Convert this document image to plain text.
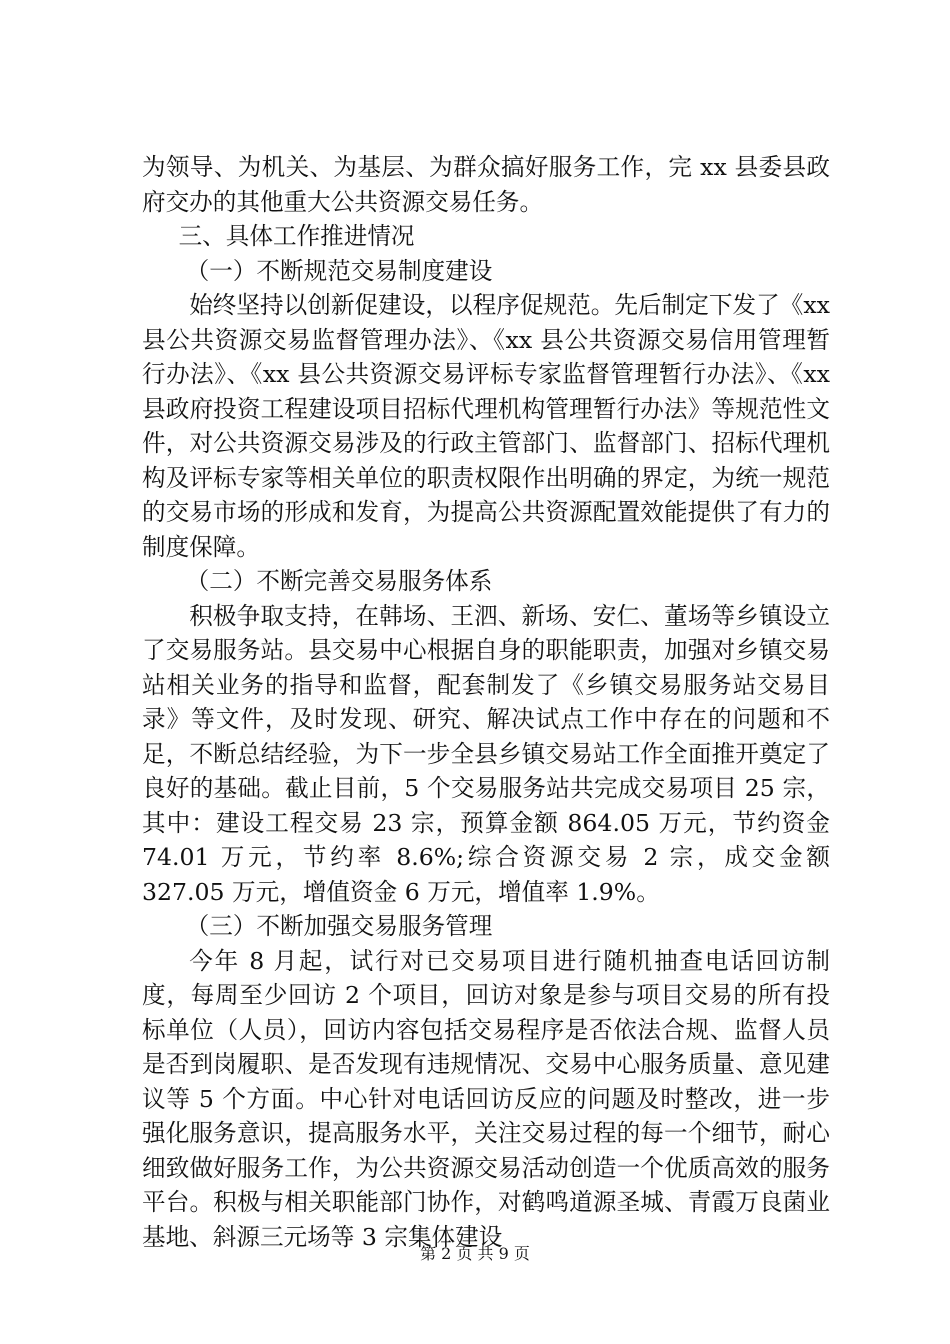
为领导、为机关、为基层、为群众搞好服务工作，完 xx 县委县政府交办的其他重大公共资源交易任务。

三、具体工作推进情况

（一）不断规范交易制度建设

始终坚持以创新促建设，以程序促规范。先后制定下发了《xx 县公共资源交易监督管理办法》、《xx 县公共资源交易信用管理暂行办法》、《xx 县公共资源交易评标专家监督管理暂行办法》、《xx 县政府投资工程建设项目招标代理机构管理暂行办法》等规范性文件，对公共资源交易涉及的行政主管部门、监督部门、招标代理机构及评标专家等相关单位的职责权限作出明确的界定，为统一规范的交易市场的形成和发育，为提高公共资源配置效能提供了有力的制度保障。

（二）不断完善交易服务体系

积极争取支持，在韩场、王泗、新场、安仁、董场等乡镇设立了交易服务站。县交易中心根据自身的职能职责，加强对乡镇交易站相关业务的指导和监督，配套制发了《乡镇交易服务站交易目录》等文件，及时发现、研究、解决试点工作中存在的问题和不足，不断总结经验，为下一步全县乡镇交易站工作全面推开奠定了良好的基础。截止目前，5 个交易服务站共完成交易项目 25 宗，其中：建设工程交易 23 宗，预算金额 864.05 万元，节约资金 74.01 万元，节约率 8.6%;综合资源交易 2 宗，成交金额 327.05 万元，增值资金 6 万元，增值率 1.9%。

（三）不断加强交易服务管理

今年 8 月起，试行对已交易项目进行随机抽查电话回访制度，每周至少回访 2 个项目，回访对象是参与项目交易的所有投标单位（人员），回访内容包括交易程序是否依法合规、监督人员是否到岗履职、是否发现有违规情况、交易中心服务质量、意见建议等 5 个方面。中心针对电话回访反应的问题及时整改，进一步强化服务意识，提高服务水平，关注交易过程的每一个细节，耐心细致做好服务工作，为公共资源交易活动创造一个优质高效的服务平台。积极与相关职能部门协作，对鹤鸣道源圣城、青霞万良菌业基地、斜源三元场等 3 宗集体建设

第 2 页 共 9 页
